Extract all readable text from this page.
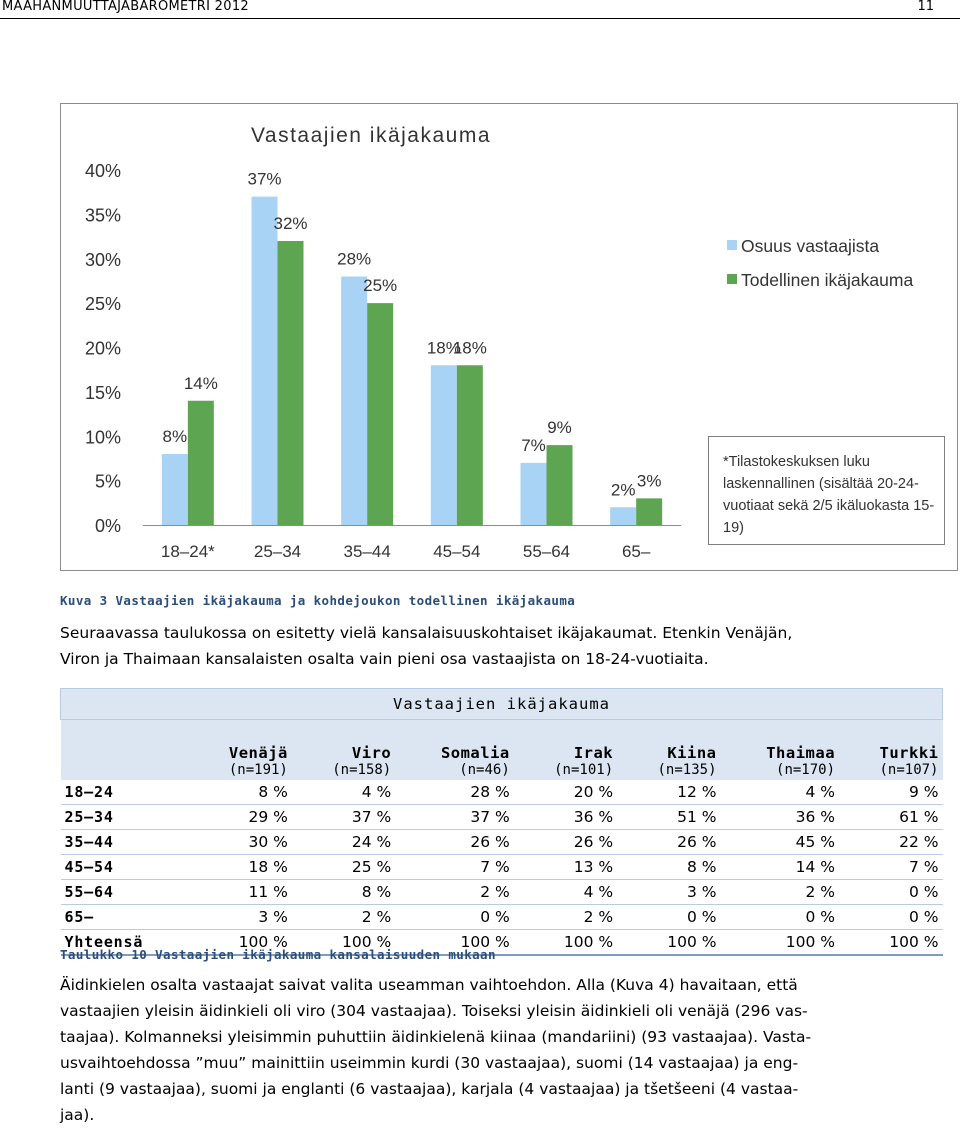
MAAHANMUUTTAJABAROMETRI 2012	11
Vastaajien ikäjakauma
0%
5%
10%
15%
20%
25%
30%
35%
40%
8%
14%
18–24*
37%
32%
25–34
28%
25%
35–44
18%
18%
45–54
7%
9%
55–64
2% 3%
65–
Osuus vastaajista
Todellinen ikäjakauma
*Tilastokeskuksen luku laskennallinen (sisältää 20-24-vuotiaat sekä 2/5 ikäluokasta 15-19)
Kuva 3 Vastaajien ikäjakauma ja kohdejoukon todellinen ikäjakauma
Seuraavassa taulukossa on esitetty vielä kansalaisuuskohtaiset ikäjakaumat. Etenkin Venäjän,
Viron ja Thaimaan kansalaisten osalta vain pieni osa vastaajista on 18-24-vuotiaita.
Vastaajien ikäjakauma							

	Venäjä
(n=191)	Viro
(n=158)	Somalia
(n=46)	Irak
(n=101)	Kiina
(n=135)	Thaimaa
(n=170)	Turkki
(n=107)

18–24	8 %	4 %	28 %	20 %	12 %	4 %	9 %
25–34	29 %	37 %	37 %	36 %	51 %	36 %	61 %
35–44	30 %	24 %	26 %	26 %	26 %	45 %	22 %
45–54	18 %	25 %	7 %	13 %	8 %	14 %	7 %
55–64	11 %	8 %	2 %	4 %	3 %	2 %	0 %
65–	3 %	2 %	0 %	2 %	0 %	0 %	0 %
Yhteensä	100 %	100 %	100 %	100 %	100 %	100 %	100 %
Taulukko 10 Vastaajien ikäjakauma kansalaisuuden mukaan
Äidinkielen osalta vastaajat saivat valita useamman vaihtoehdon. Alla (Kuva 4) havaitaan, että
vastaajien yleisin äidinkieli oli viro (304 vastaajaa). Toiseksi yleisin äidinkieli oli venäjä (296 vas-
taajaa). Kolmanneksi yleisimmin puhuttiin äidinkielenä kiinaa (mandariini) (93 vastaajaa). Vasta-
usvaihtoehdossa ”muu” mainittiin useimmin kurdi (30 vastaajaa), suomi (14 vastaajaa) ja eng-
lanti (9 vastaajaa), suomi ja englanti (6 vastaajaa), karjala (4 vastaajaa) ja tšetšeeni (4 vastaa-
jaa).
